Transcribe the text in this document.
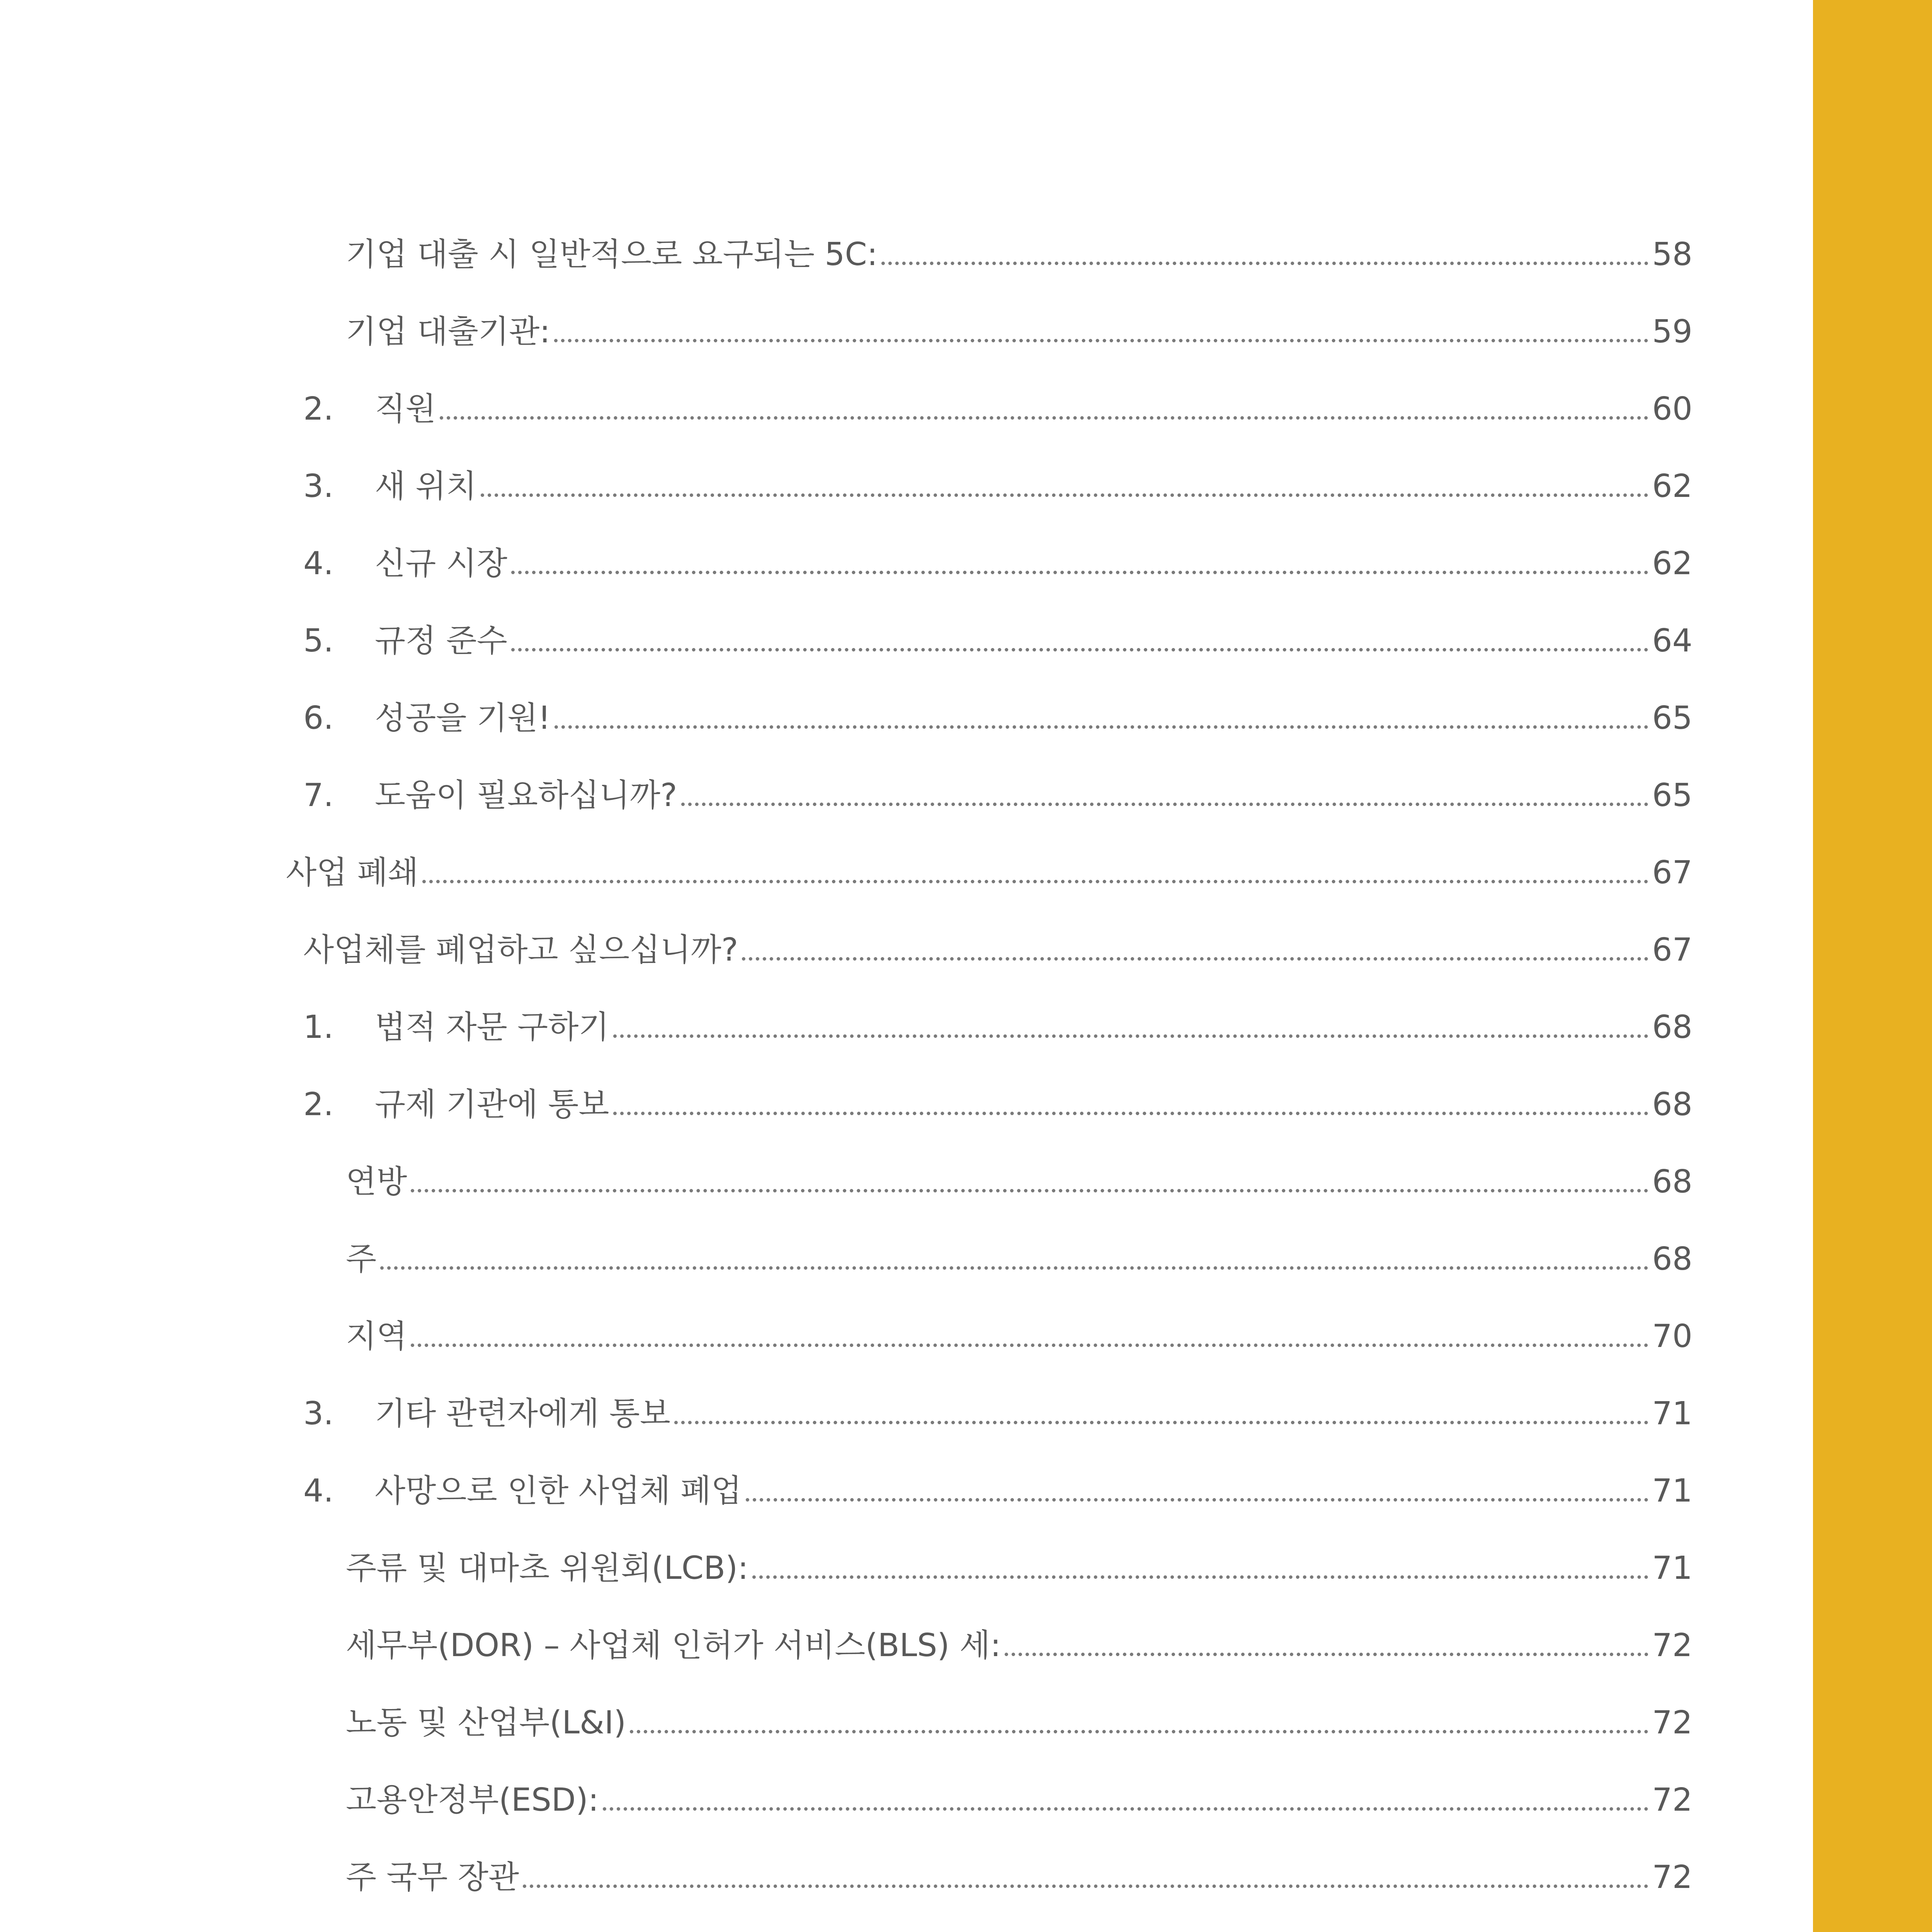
기업 대출 시 일반적으로 요구되는 5C:	58
기업 대출기관:	59
2.	직원	60
3.	새 위치	62
4.	신규 시장	62
5.	규정 준수	64
6.	성공을 기원!	65
7.	도움이 필요하십니까?	65
사업 폐쇄	67
사업체를 폐업하고 싶으십니까?	67
1.	법적 자문 구하기	68
2.	규제 기관에 통보	68
연방	68
주	68
지역	70
3.	기타 관련자에게 통보	71
4.	사망으로 인한 사업체 폐업	71
주류 및 대마초 위원회(LCB):	71
세무부(DOR) – 사업체 인허가 서비스(BLS) 세:	72
노동 및 산업부(L&I)	72
고용안정부(ESD):	72
주 국무 장관	72
